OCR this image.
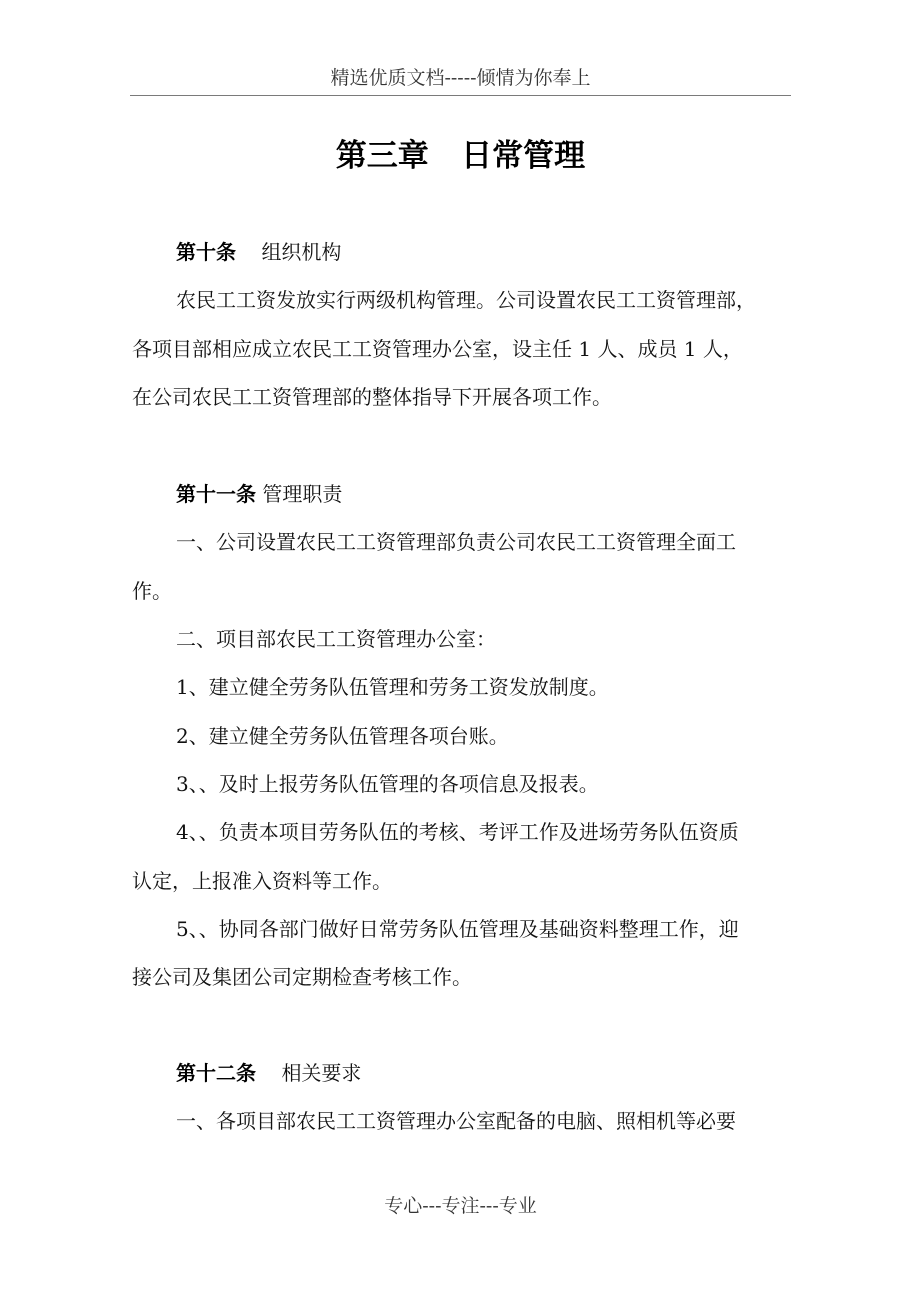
精选优质文档-----倾情为你奉上
第三章   日常管理
第十条 组织机构
农民工工资发放实行两级机构管理。公司设置农民工工资管理部，
各项目部相应成立农民工工资管理办公室，设主任 1 人、成员 1 人，
在公司农民工工资管理部的整体指导下开展各项工作。
第十一条 管理职责
一、公司设置农民工工资管理部负责公司农民工工资管理全面工
作。
二、项目部农民工工资管理办公室：
1、建立健全劳务队伍管理和劳务工资发放制度。
2、建立健全劳务队伍管理各项台账。
3、、及时上报劳务队伍管理的各项信息及报表。
4、、负责本项目劳务队伍的考核、考评工作及进场劳务队伍资质
认定，上报准入资料等工作。
5、、协同各部门做好日常劳务队伍管理及基础资料整理工作，迎
接公司及集团公司定期检查考核工作。
第十二条 相关要求
一、各项目部农民工工资管理办公室配备的电脑、照相机等必要
专心---专注---专业
